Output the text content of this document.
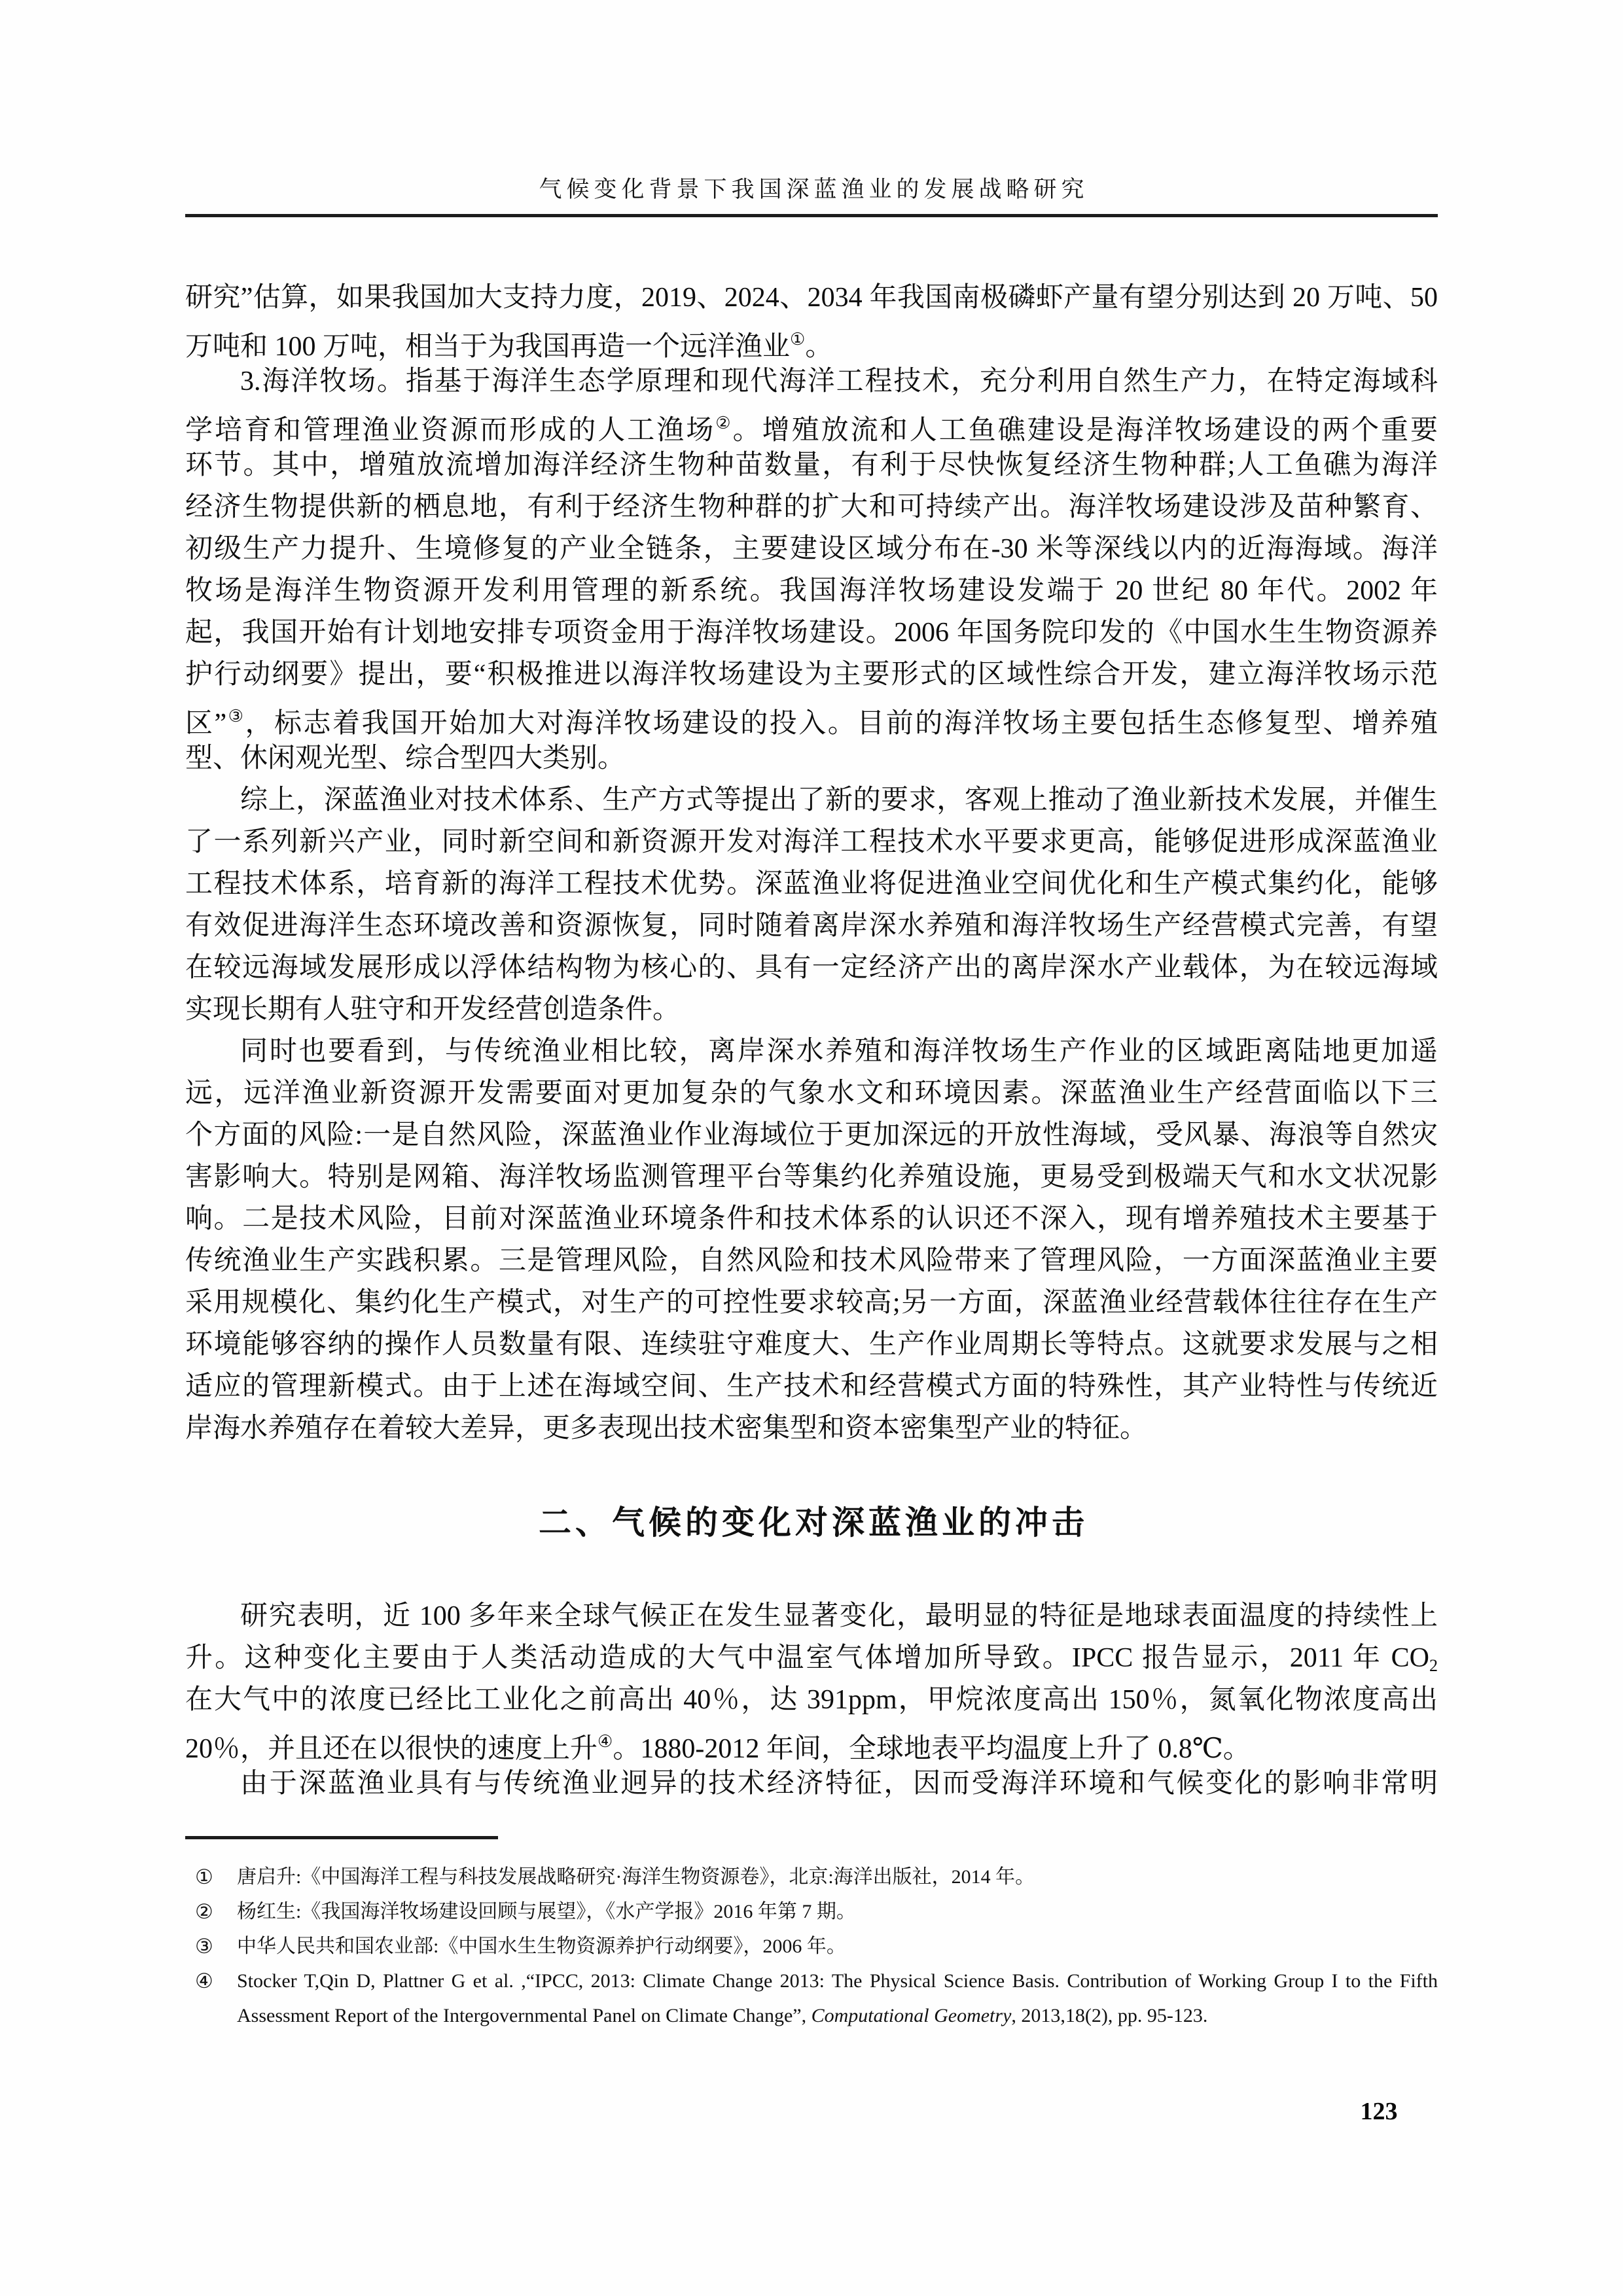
气候变化背景下我国深蓝渔业的发展战略研究
研究”估算，如果我国加大支持力度，2019、2024、2034 年我国南极磷虾产量有望分别达到 20 万吨、50
万吨和 100 万吨，相当于为我国再造一个远洋渔业①。
3.海洋牧场。指基于海洋生态学原理和现代海洋工程技术，充分利用自然生产力，在特定海域科
学培育和管理渔业资源而形成的人工渔场②。增殖放流和人工鱼礁建设是海洋牧场建设的两个重要
环节。其中，增殖放流增加海洋经济生物种苗数量，有利于尽快恢复经济生物种群;人工鱼礁为海洋
经济生物提供新的栖息地，有利于经济生物种群的扩大和可持续产出。海洋牧场建设涉及苗种繁育、
初级生产力提升、生境修复的产业全链条，主要建设区域分布在-30 米等深线以内的近海海域。海洋
牧场是海洋生物资源开发利用管理的新系统。我国海洋牧场建设发端于 20 世纪 80 年代。2002 年
起，我国开始有计划地安排专项资金用于海洋牧场建设。2006 年国务院印发的《中国水生生物资源养
护行动纲要》提出，要“积极推进以海洋牧场建设为主要形式的区域性综合开发，建立海洋牧场示范
区”③，标志着我国开始加大对海洋牧场建设的投入。目前的海洋牧场主要包括生态修复型、增养殖
型、休闲观光型、综合型四大类别。
综上，深蓝渔业对技术体系、生产方式等提出了新的要求，客观上推动了渔业新技术发展，并催生
了一系列新兴产业，同时新空间和新资源开发对海洋工程技术水平要求更高，能够促进形成深蓝渔业
工程技术体系，培育新的海洋工程技术优势。深蓝渔业将促进渔业空间优化和生产模式集约化，能够
有效促进海洋生态环境改善和资源恢复，同时随着离岸深水养殖和海洋牧场生产经营模式完善，有望
在较远海域发展形成以浮体结构物为核心的、具有一定经济产出的离岸深水产业载体，为在较远海域
实现长期有人驻守和开发经营创造条件。
同时也要看到，与传统渔业相比较，离岸深水养殖和海洋牧场生产作业的区域距离陆地更加遥
远，远洋渔业新资源开发需要面对更加复杂的气象水文和环境因素。深蓝渔业生产经营面临以下三
个方面的风险:一是自然风险，深蓝渔业作业海域位于更加深远的开放性海域，受风暴、海浪等自然灾
害影响大。特别是网箱、海洋牧场监测管理平台等集约化养殖设施，更易受到极端天气和水文状况影
响。二是技术风险，目前对深蓝渔业环境条件和技术体系的认识还不深入，现有增养殖技术主要基于
传统渔业生产实践积累。三是管理风险，自然风险和技术风险带来了管理风险，一方面深蓝渔业主要
采用规模化、集约化生产模式，对生产的可控性要求较高;另一方面，深蓝渔业经营载体往往存在生产
环境能够容纳的操作人员数量有限、连续驻守难度大、生产作业周期长等特点。这就要求发展与之相
适应的管理新模式。由于上述在海域空间、生产技术和经营模式方面的特殊性，其产业特性与传统近
岸海水养殖存在着较大差异，更多表现出技术密集型和资本密集型产业的特征。
二、气候的变化对深蓝渔业的冲击
研究表明，近 100 多年来全球气候正在发生显著变化，最明显的特征是地球表面温度的持续性上
升。这种变化主要由于人类活动造成的大气中温室气体增加所导致。IPCC 报告显示，2011 年 CO2
在大气中的浓度已经比工业化之前高出 40％，达 391ppm，甲烷浓度高出 150％，氮氧化物浓度高出
20％，并且还在以很快的速度上升④。1880-2012 年间，全球地表平均温度上升了 0.8℃。
由于深蓝渔业具有与传统渔业迥异的技术经济特征，因而受海洋环境和气候变化的影响非常明
① 唐启升:《中国海洋工程与科技发展战略研究·海洋生物资源卷》，北京:海洋出版社，2014 年。
② 杨红生:《我国海洋牧场建设回顾与展望》，《水产学报》2016 年第 7 期。
③ 中华人民共和国农业部:《中国水生生物资源养护行动纲要》，2006 年。
④ Stocker T,Qin D, Plattner G et al. ,“IPCC, 2013: Climate Change 2013: The Physical Science Basis. Contribution of Working Group I to the Fifth Assessment Report of the Intergovernmental Panel on Climate Change”, Computational Geometry, 2013,18(2), pp. 95-123.
123
